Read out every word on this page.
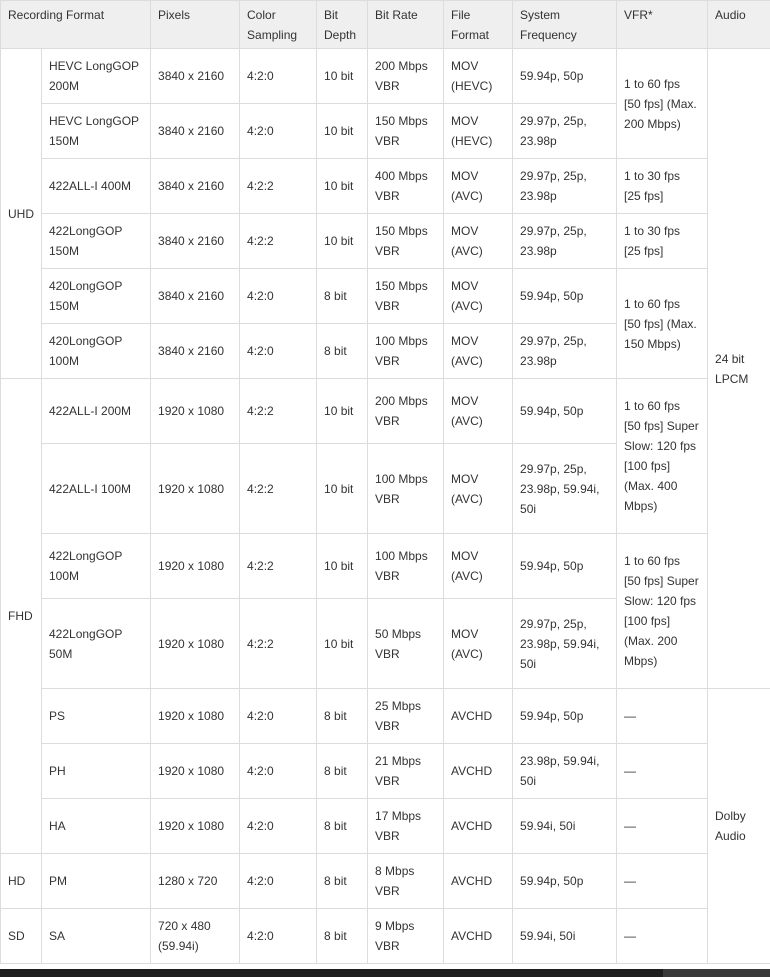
Recording Format		Pixels	Color Sampling	Bit Depth	Bit Rate	File Format	System Frequency	VFR*	Audio
UHD	HEVC LongGOP 200M	3840 x 2160	4:2:0	10 bit	200 Mbps VBR	MOV (HEVC)	59.94p, 50p	1 to 60 fps [50 fps] (Max. 200 Mbps)	24 bit LPCM
	HEVC LongGOP 150M	3840 x 2160	4:2:0	10 bit	150 Mbps VBR	MOV (HEVC)	29.97p, 25p, 23.98p		
	422ALL-I 400M	3840 x 2160	4:2:2	10 bit	400 Mbps VBR	MOV (AVC)	29.97p, 25p, 23.98p	1 to 30 fps [25 fps]	
	422LongGOP 150M	3840 x 2160	4:2:2	10 bit	150 Mbps VBR	MOV (AVC)	29.97p, 25p, 23.98p	1 to 30 fps [25 fps]	
	420LongGOP 150M	3840 x 2160	4:2:0	8 bit	150 Mbps VBR	MOV (AVC)	59.94p, 50p	1 to 60 fps [50 fps] (Max. 150 Mbps)	
	420LongGOP 100M	3840 x 2160	4:2:0	8 bit	100 Mbps VBR	MOV (AVC)	29.97p, 25p, 23.98p		
FHD	422ALL-I 200M	1920 x 1080	4:2:2	10 bit	200 Mbps VBR	MOV (AVC)	59.94p, 50p	1 to 60 fps [50 fps] Super Slow: 120 fps [100 fps] (Max. 400 Mbps)	
	422ALL-I 100M	1920 x 1080	4:2:2	10 bit	100 Mbps VBR	MOV (AVC)	29.97p, 25p, 23.98p, 59.94i, 50i		
	422LongGOP 100M	1920 x 1080	4:2:2	10 bit	100 Mbps VBR	MOV (AVC)	59.94p, 50p	1 to 60 fps [50 fps] Super Slow: 120 fps [100 fps] (Max. 200 Mbps)	
	422LongGOP 50M	1920 x 1080	4:2:2	10 bit	50 Mbps VBR	MOV (AVC)	29.97p, 25p, 23.98p, 59.94i, 50i		
	PS	1920 x 1080	4:2:0	8 bit	25 Mbps VBR	AVCHD	59.94p, 50p	—	Dolby Audio
	PH	1920 x 1080	4:2:0	8 bit	21 Mbps VBR	AVCHD	23.98p, 59.94i, 50i	—	
	HA	1920 x 1080	4:2:0	8 bit	17 Mbps VBR	AVCHD	59.94i, 50i	—	
HD	PM	1280 x 720	4:2:0	8 bit	8 Mbps VBR	AVCHD	59.94p, 50p	—	
SD	SA	720 x 480 (59.94i)	4:2:0	8 bit	9 Mbps VBR	AVCHD	59.94i, 50i	—	
